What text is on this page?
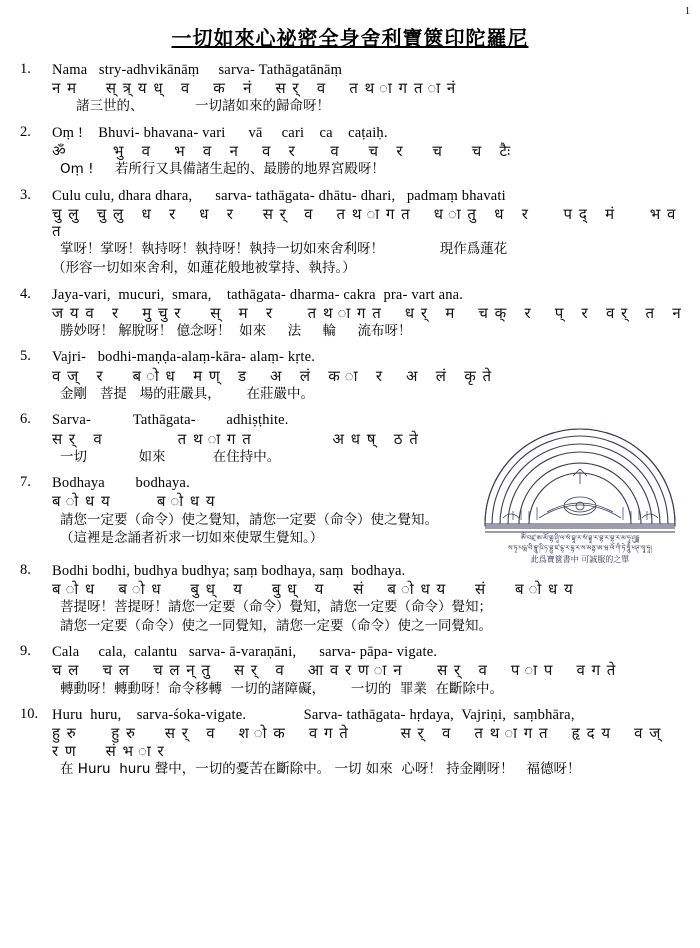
1
一切如來心祕密全身舍利寶篋印陀羅尼
ༀ་བཛྲ་ཨ་མོ་གྷ་ཤཱི་ལ་སཾ་བྷཱ་ར་སཾ་བྷཱ་ར་བྷ་ར་བྷ་ར་མ་ཧཱ་ཤུདྡྷ
ས་ཏྭ་པདྨ་བི་བྷཱུ་ཥི་ཏ་བྷུ་ཛ་དྷ་ར་དྷ་ར་ས་མནྟ་ཨ་ཝ་ལོ་ཀི་ཏེ་ཧཱུྃ་ཕཊ་སྭཱ་ཧཱ།
此爲寶篋書中 可誠服的之單
1.	Nama   stry-adhvikānāṃ     sarva- Tathāgatānāṃ
न म     स् त्र् य ध्   व    क   नं    स र्   व    त थ ा ग त ा नं
諸三世的、            一切諸如來的歸命呀！
2.	Oṃ !    Bhuvi- bhavana- vari      vā     cari    ca    caṭaiḥ.
ॐ        भु   व    भ   व   न    व   र      व     च   र     च     च   टैः
Oṃ !     若所行又具備諸生起的、最勝的地界宮殿呀！
3.	Culu culu, dhara dhara,      sarva- tathāgata- dhātu- dhari,   padmaṃ bhavati
चु लु   चु लु   ध   र    ध   र     स र्   व    त थ ा ग त    ध ा तु   ध   र      प द्   मं      भ व त
掌呀！掌呀！執持呀！執持呀！執持一切如來舍利呀！             現作爲蓮花
（形容一切如來舍利，如蓮花般地被掌持、執持。）
4.	Jaya-vari,  mucuri,  smara,    tathāgata- dharma- cakra  pra- vart ana.
ज य व   र    मु चु र     स्   म   र      त थ ा ग त    ध र्   म    च क्   र    प्   र   व र्   त   न
勝妙呀！ 解脫呀！ 億念呀！  如來     法     輪     流布呀！
5.	Vajri-   bodhi-maṇḍa-alaṃ-kāra- alaṃ- kṛte.
व ज्   र     ब ो ध   म ण्   ड    अ   लं   क ा   र    अ   लं   कृ ते
金剛   菩提   場的莊嚴具，      在莊嚴中。
6.	Sarva-           Tathāgata-        adhiṣṭhite.
स र्   व             त थ ा ग त              अ ध ष्   ठ ते
一切            如來           在住持中。
7.	Bodhaya        bodhaya.
ब ो ध य        ब ो ध य
請您一定要（命令）使之覺知，請您一定要（命令）使之覺知。
（這裡是念誦者祈求一切如來使眾生覺知。）
8.	Bodhi bodhi, budhya budhya; saṃ bodhaya, saṃ  bodhaya.
ब ो ध    ब ो ध     बु ध्   य     बु ध्   य     सं    ब ो ध य     सं     ब ो ध य
菩提呀！菩提呀！請您一定要（命令）覺知，請您一定要（命令）覺知；
請您一定要（命令）使之一同覺知，請您一定要（命令）使之一同覺知。
9.	Cala     cala,  calantu   sarva- ā-varaṇāni,      sarva- pāpa- vigate.
च ल    च ल    च ल न् तु    स र्   व    आ व र ण ा न      स र्   व    प ा प    व ग ते
轉動呀！轉動呀！命令移轉  一切的諸障礙，      一切的  罪業  在斷除中。
10. Huru  huru,    sarva-śoka-vigate.               Sarva- tathāgata- hṛdaya,  Vajriṇi,  saṃbhāra,
हु रु      हु रु     स र्   व    श ो क    व ग ते         स र्   व    त थ ा ग त    हृ द य    व ज्   र ण     सं भ ा र
在 Huru  huru 聲中，一切的憂苦在斷除中。 一切 如來  心呀！ 持金剛呀！   福德呀！
